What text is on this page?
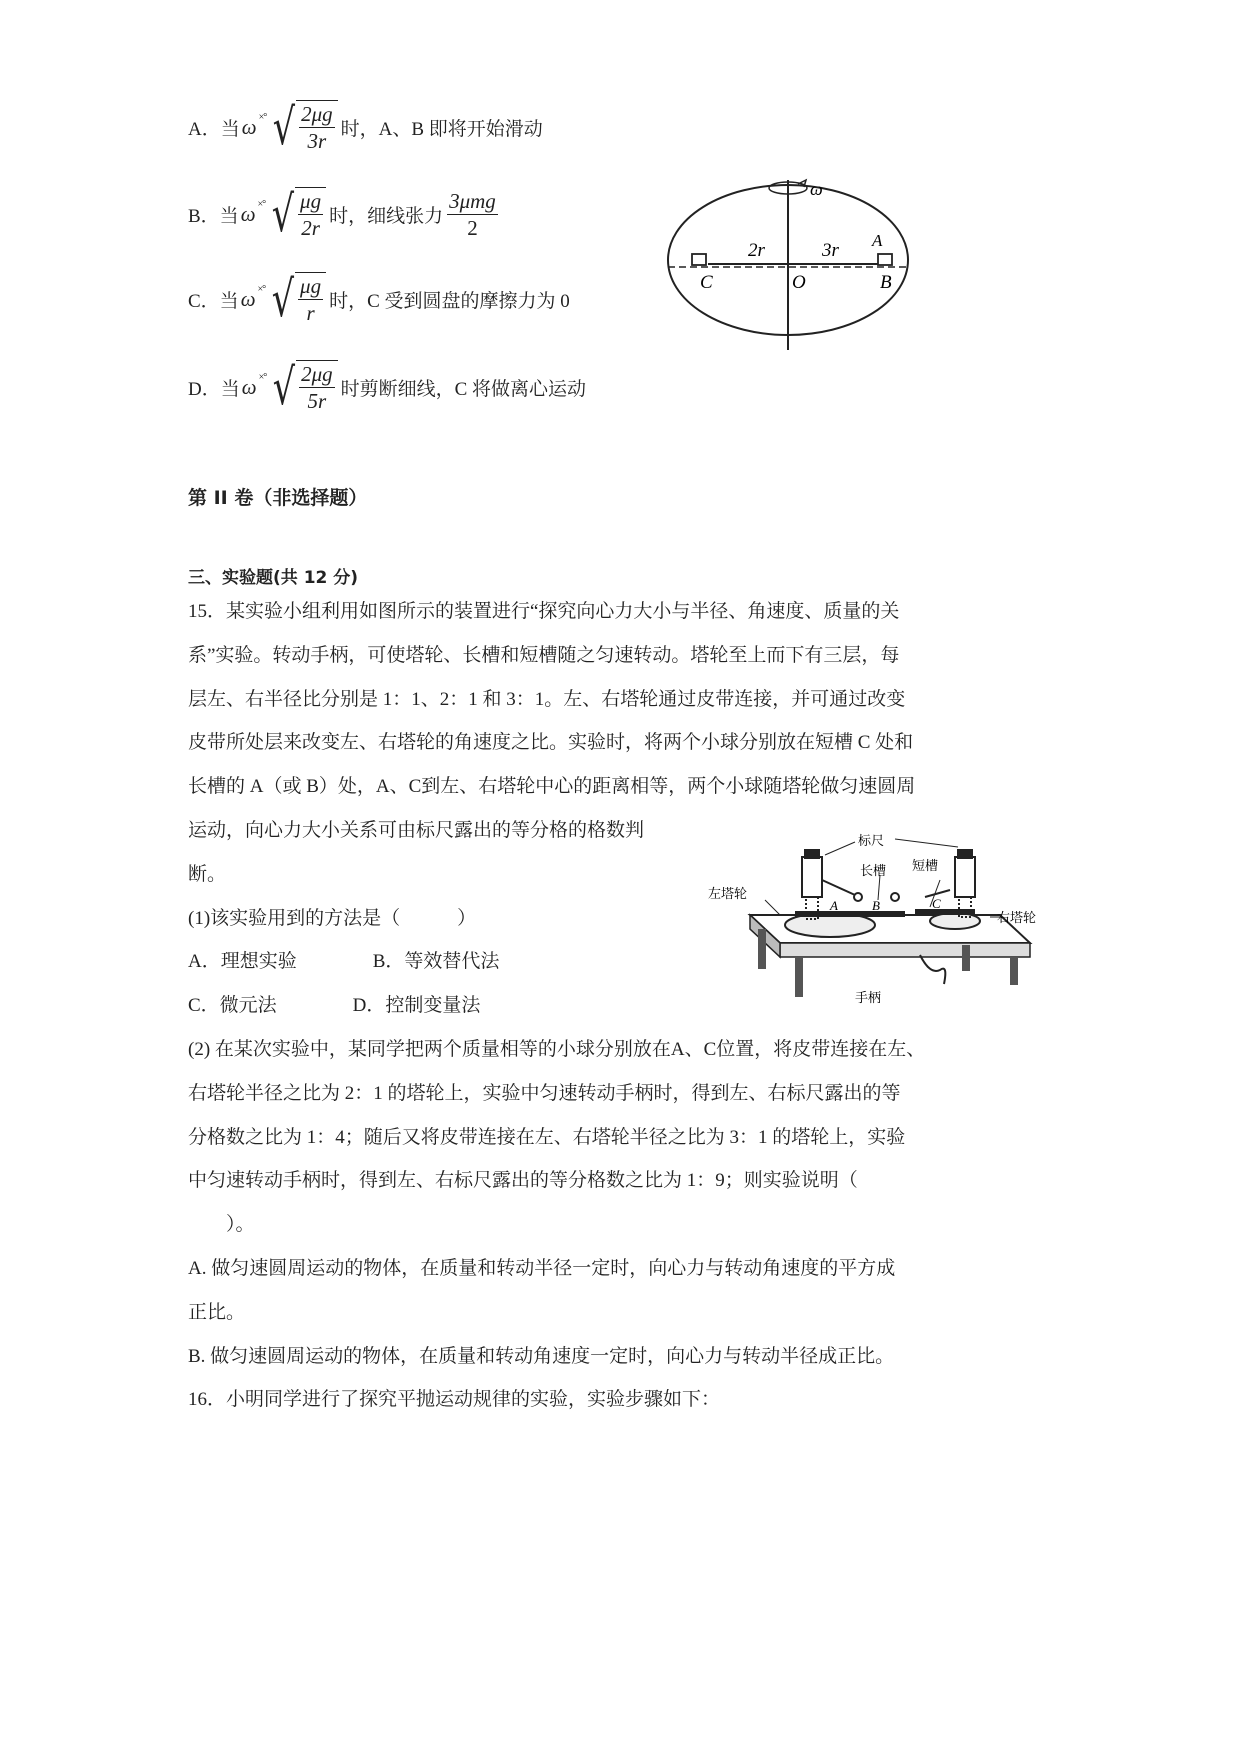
A．当 ω ×° √ $\frac{2\mu g}{3r}$ 时，A、B 即将开始滑动
B．当 ω ×° √ $\frac{\mu g}{2r}$ 时，细线张力
3μmg
2
C．当 ω ×° √ $\frac{\mu g}{r}$ 时，C 受到圆盘的摩擦力为 0
D．当 ω ×° √ $\frac{2\mu g}{5r}$ 时剪断细线，C 将做离心运动
ω
2r	3r A
C	O	B
第 II 卷（非选择题）
三、实验题(共 12 分)
15．某实验小组利用如图所示的装置进行“探究向心力大小与半径、角速度、质量的关
系”实验。转动手柄，可使塔轮、长槽和短槽随之匀速转动。塔轮至上而下有三层，每
层左、右半径比分别是 1：1、2：1 和 3：1。左、右塔轮通过皮带连接，并可通过改变
皮带所处层来改变左、右塔轮的角速度之比。实验时，将两个小球分别放在短槽 C 处和
长槽的 A（或 B）处，A、C到左、右塔轮中心的距离相等，两个小球随塔轮做匀速圆周
运动，向心力大小关系可由标尺露出的等分格的格数判
断。
(1)该实验用到的方法是（　　　）
A．理想实验　　　　B．等效替代法
C．微元法　　　　D．控制变量法
(2) 在某次实验中，某同学把两个质量相等的小球分别放在A、C位置，将皮带连接在左、
右塔轮半径之比为 2：1 的塔轮上，实验中匀速转动手柄时，得到左、右标尺露出的等
分格数之比为 1：4；随后又将皮带连接在左、右塔轮半径之比为 3：1 的塔轮上，实验
中匀速转动手柄时，得到左、右标尺露出的等分格数之比为 1：9；则实验说明（
　　）。
A. 做匀速圆周运动的物体，在质量和转动半径一定时，向心力与转动角速度的平方成
正比。
B. 做匀速圆周运动的物体，在质量和转动角速度一定时，向心力与转动半径成正比。
16．小明同学进行了探究平抛运动规律的实验，实验步骤如下：
标尺
长槽 短槽
左塔轮
右塔轮
手柄
A	B	C
